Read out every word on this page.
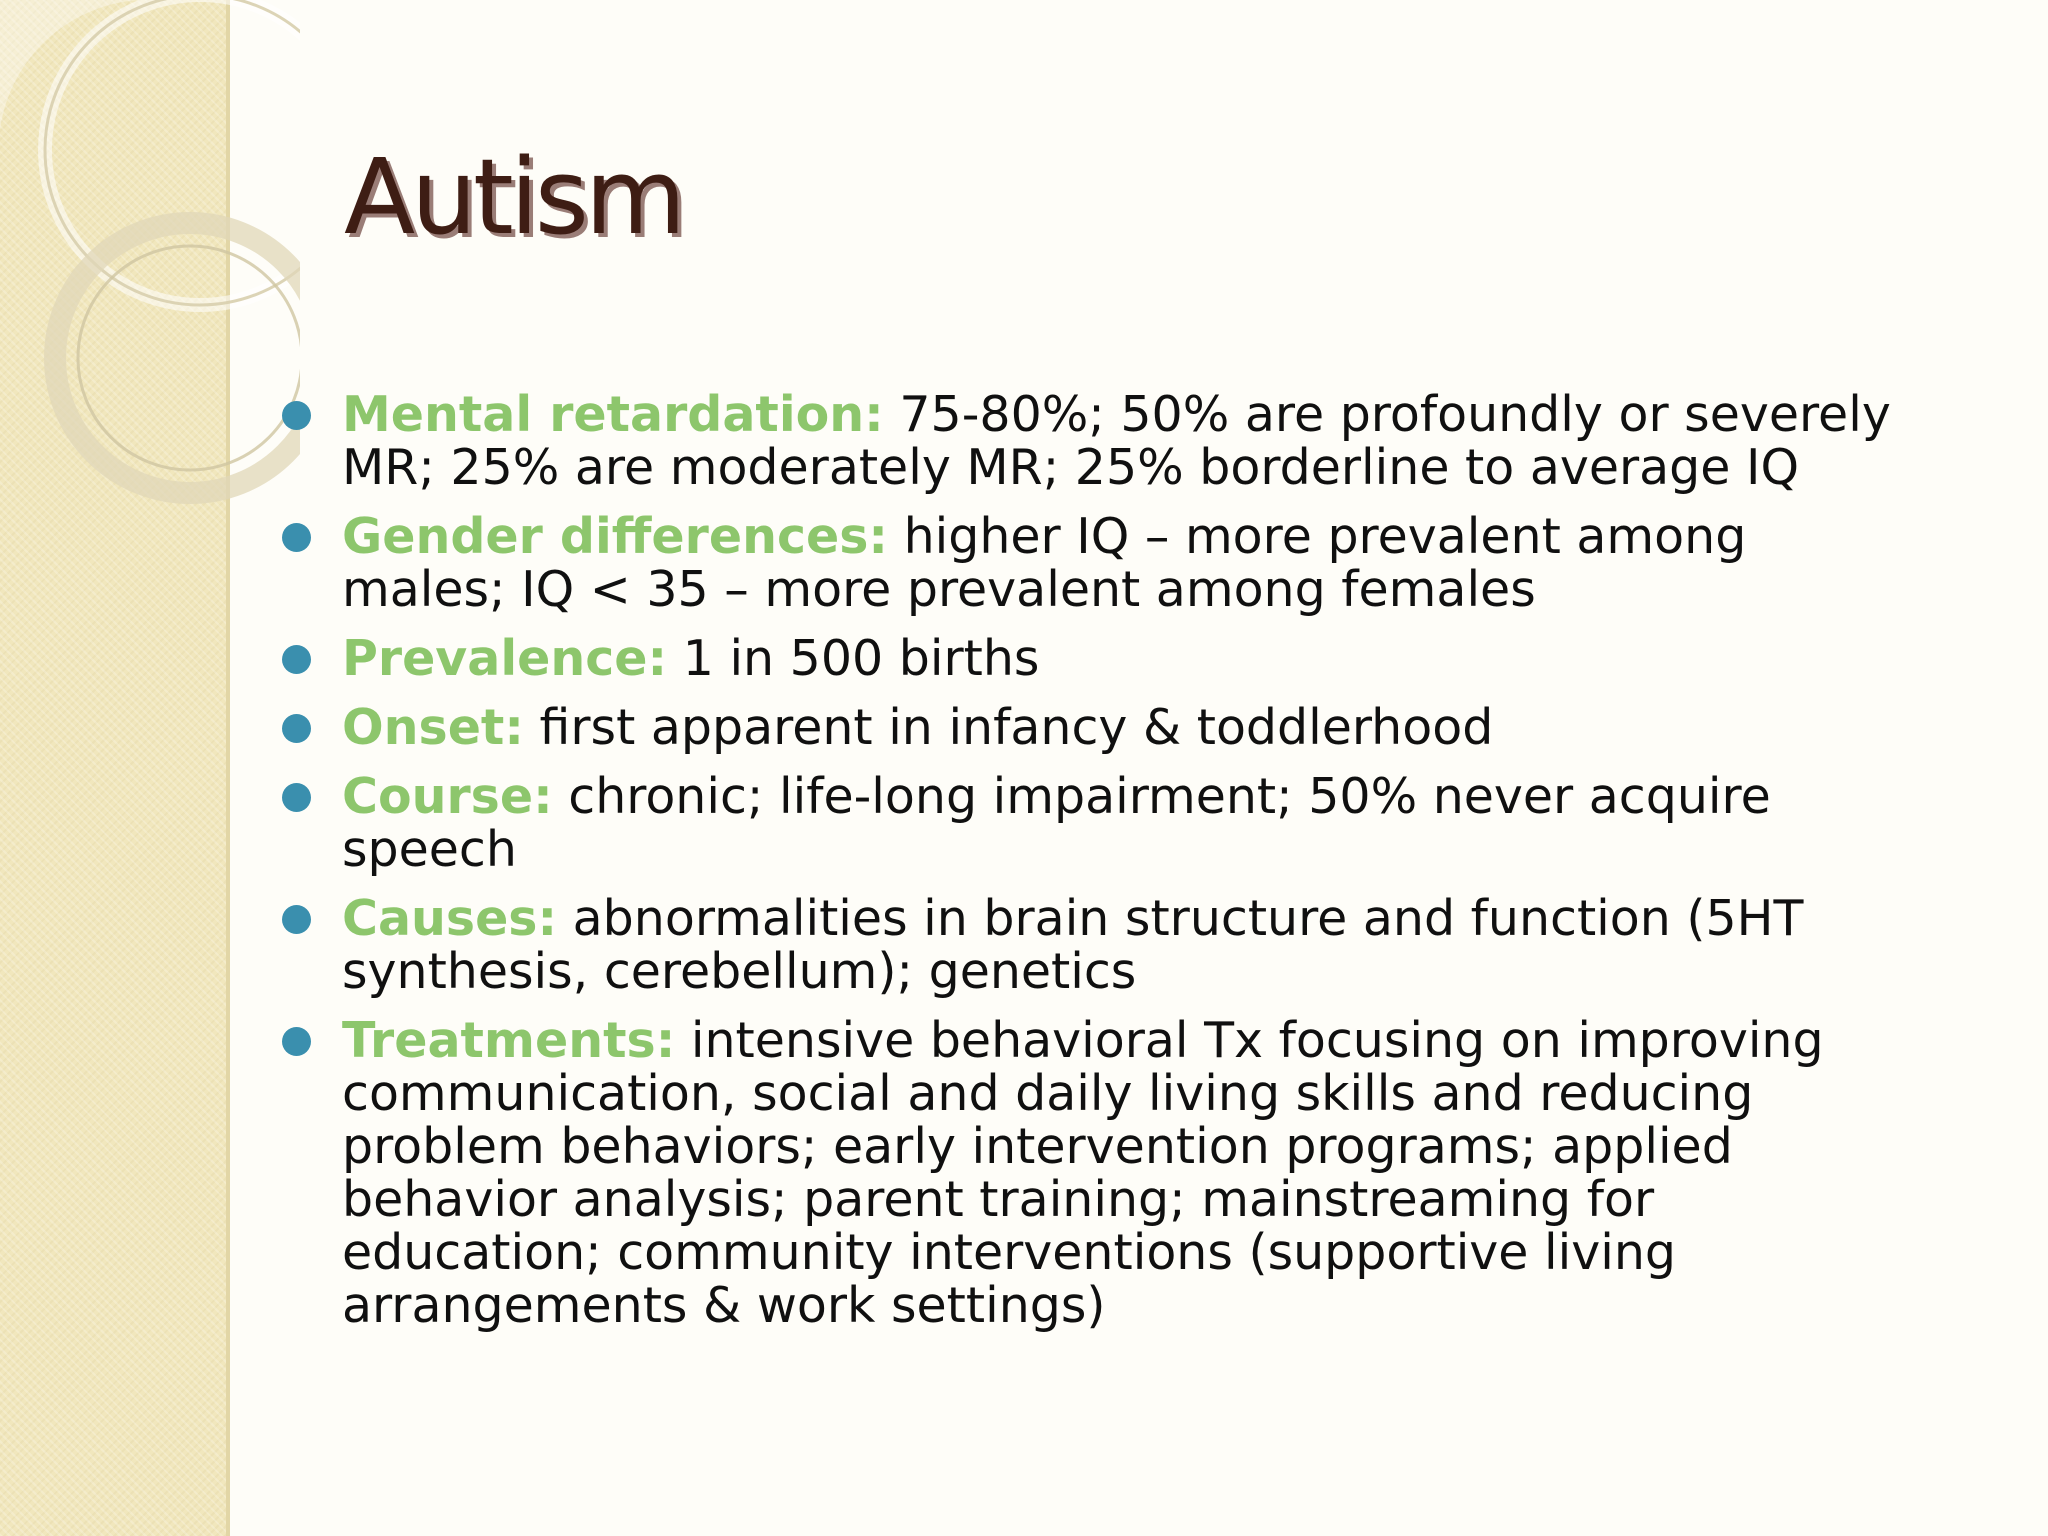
Autism
Mental retardation: 75-80%; 50% are profoundly or severely MR; 25% are moderately MR; 25% borderline to average IQ
Gender differences: higher IQ – more prevalent among males; IQ < 35 – more prevalent among females
Prevalence: 1 in 500 births
Onset: first apparent in infancy & toddlerhood
Course: chronic; life-long impairment; 50% never acquire speech
Causes: abnormalities in brain structure and function (5HT synthesis, cerebellum); genetics
Treatments: intensive behavioral Tx focusing on improving communication, social and daily living skills and reducing problem behaviors; early intervention programs; applied behavior analysis; parent training; mainstreaming for education; community interventions (supportive living arrangements & work settings)
